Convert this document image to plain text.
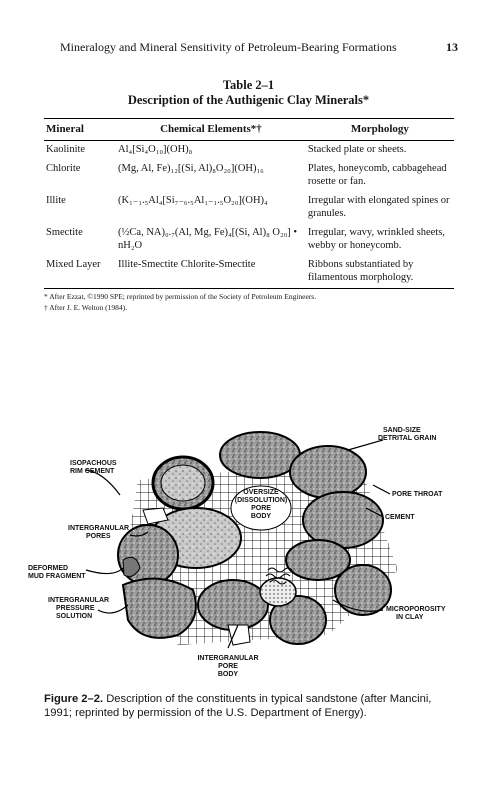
Mineralogy and Mineral Sensitivity of Petroleum-Bearing Formations	13
Table 2–1
Description of the Authigenic Clay Minerals*
Mineral	Chemical Elements*†	Morphology
Kaolinite	Al₄[Si₄O₁₀](OH)₈	Stacked plate or sheets.
Chlorite	(Mg, Al, Fe)₁₂[(Si, Al)₈O₂₀](OH)₁₆	Plates, honeycomb, cabbagehead rosette or fan.
Illite	(K₁₋₁.₅Al₄[Si₇₋₆.₅Al₁₋₁.₅O₂₀](OH)₄	Irregular with elongated spines or granules.
Smectite	(½Ca, NA)₀.₇(Al, Mg, Fe)₄[(Si, Al)₈ O₂₀] • nH₂O	Irregular, wavy, wrinkled sheets, webby or honeycomb.
Mixed Layer	Illite-Smectite Chlorite-Smectite	Ribbons substantiated by filamentous morphology.
* After Ezzat, ©1990 SPE; reprinted by permission of the Society of Petroleum Engineers.
† After J. E. Welton (1984).
SAND-SIZE DETRITAL GRAIN
ISOPACHOUS RIM CEMENT
OVERSIZE (DISSOLUTION) PORE BODY
PORE THROAT
CEMENT
INTERGRANULAR PORES
DEFORMED MUD FRAGMENT
INTERGRANULAR PRESSURE SOLUTION
MICROPOROSITY IN CLAY
INTERGRANULAR PORE BODY
Figure 2–2. Description of the constituents in typical sandstone (after Mancini, 1991; reprinted by permission of the U.S. Department of Energy).
